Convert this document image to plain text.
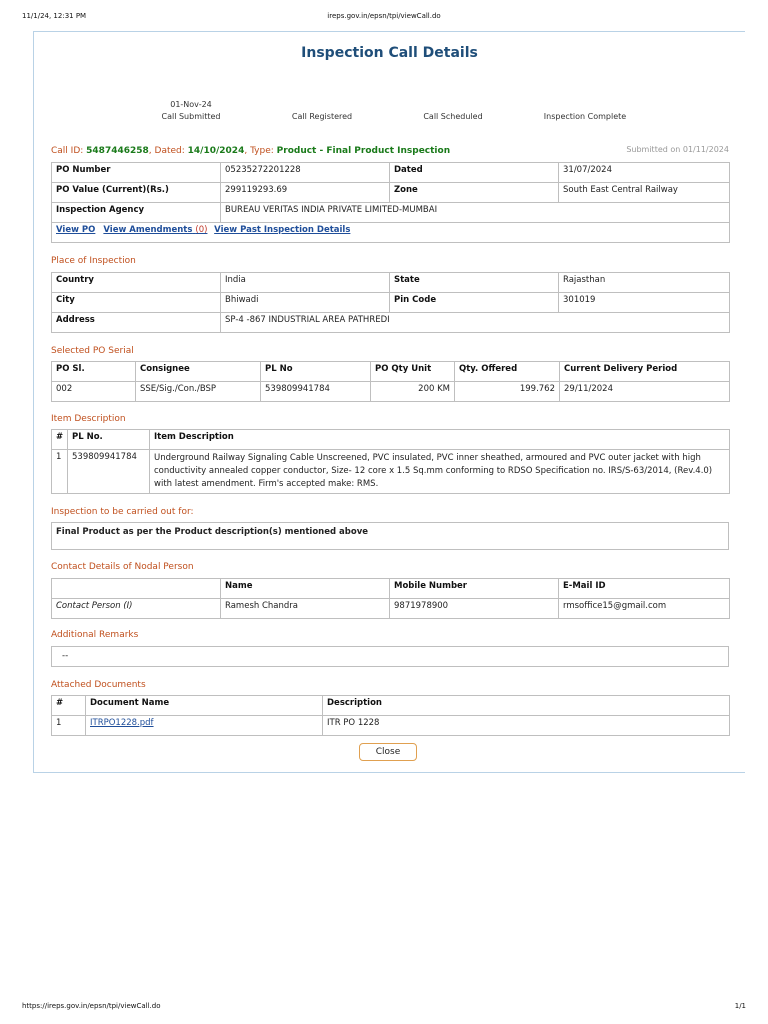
11/1/24, 12:31 PM	ireps.gov.in/epsn/tpi/viewCall.do
Inspection Call Details
01-Nov-24
Call Submitted	Call Registered	Call Scheduled	Inspection Complete
Call ID: 5487446258, Dated: 14/10/2024, Type: Product - Final Product Inspection	Submitted on 01/11/2024
PO Number	05235272201228	Dated	31/07/2024
PO Value (Current)(Rs.)	299119293.69	Zone	South East Central Railway
Inspection Agency	BUREAU VERITAS INDIA PRIVATE LIMITED-MUMBAI		
View PO View Amendments (0) View Past Inspection Details			
Place of Inspection
Country	India	State	Rajasthan
City	Bhiwadi	Pin Code	301019
Address	SP-4 -867 INDUSTRIAL AREA PATHREDI		
Selected PO Serial
PO Sl.	Consignee	PL No	PO Qty Unit	Qty. Offered	Current Delivery Period
002	SSE/Sig./Con./BSP	539809941784	200 KM	199.762	29/11/2024
Item Description
#	PL No.	Item Description
1	539809941784	Underground Railway Signaling Cable Unscreened, PVC insulated, PVC inner sheathed, armoured and PVC outer jacket with high conductivity annealed copper conductor, Size- 12 core x 1.5 Sq.mm conforming to RDSO Specification no. IRS/S-63/2014, (Rev.4.0) with latest amendment. Firm's accepted make: RMS.
Inspection to be carried out for:
Final Product as per the Product description(s) mentioned above
Contact Details of Nodal Person
	Name	Mobile Number	E-Mail ID
Contact Person (I)	Ramesh Chandra	9871978900	rmsoffice15@gmail.com
Additional Remarks
--
Attached Documents
#	Document Name	Description
1	ITRPO1228.pdf	ITR PO 1228
Close
https://ireps.gov.in/epsn/tpi/viewCall.do	1/1
